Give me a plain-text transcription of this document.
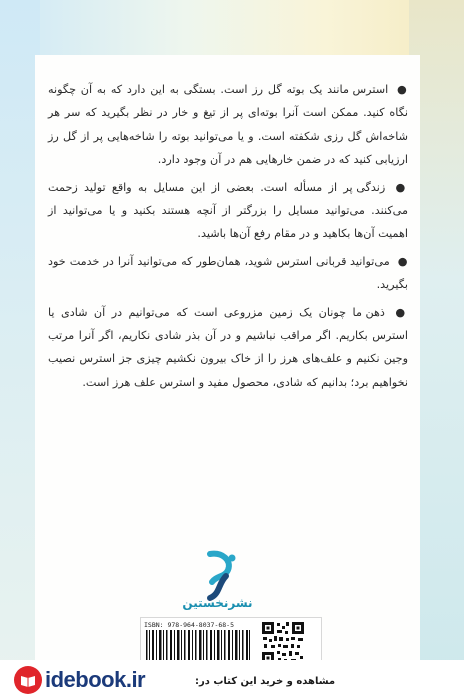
● استرس مانند یک بوته گل رز است. بستگی به این دارد که به آن چگونه نگاه کنید. ممکن است آنرا بوته‌ای پر از تیغ و خار در نظر بگیرید که سر هر شاخه‌اش گل رزی شکفته است. و یا می‌توانید بوته را شاخه‌هایی پر از گل رز ارزیابی کنید که در ضمن خارهایی هم در آن وجود دارد.

● زندگی پر از مسأله است. بعضی از این مسایل به واقع تولید زحمت می‌کنند. می‌توانید مسایل را بزرگتر از آنچه هستند بکنید و یا می‌توانید از اهمیت آن‌ها بکاهید و در مقام رفع آن‌ها باشید.

● می‌توانید قربانی استرس شوید، همان‌طور که می‌توانید آنرا در خدمت خود بگیرید.

● ذهن ما چونان یک زمین مزروعی است که می‌توانیم در آن شادی یا استرس بکاریم. اگر مراقب نباشیم و در آن بذر شادی نکاریم، اگر آنرا مرتب وجین نکنیم و علف‌های هرز را از خاک بیرون نکشیم چیزی جز استرس نصیب نخواهیم برد؛ بدانیم که شادی، محصول مفید و استرس علف هرز است.

نشرنخستین
ISBN: 978-964-8037-68-5
idebook.ir	مشاهده و خرید این کتاب در:
